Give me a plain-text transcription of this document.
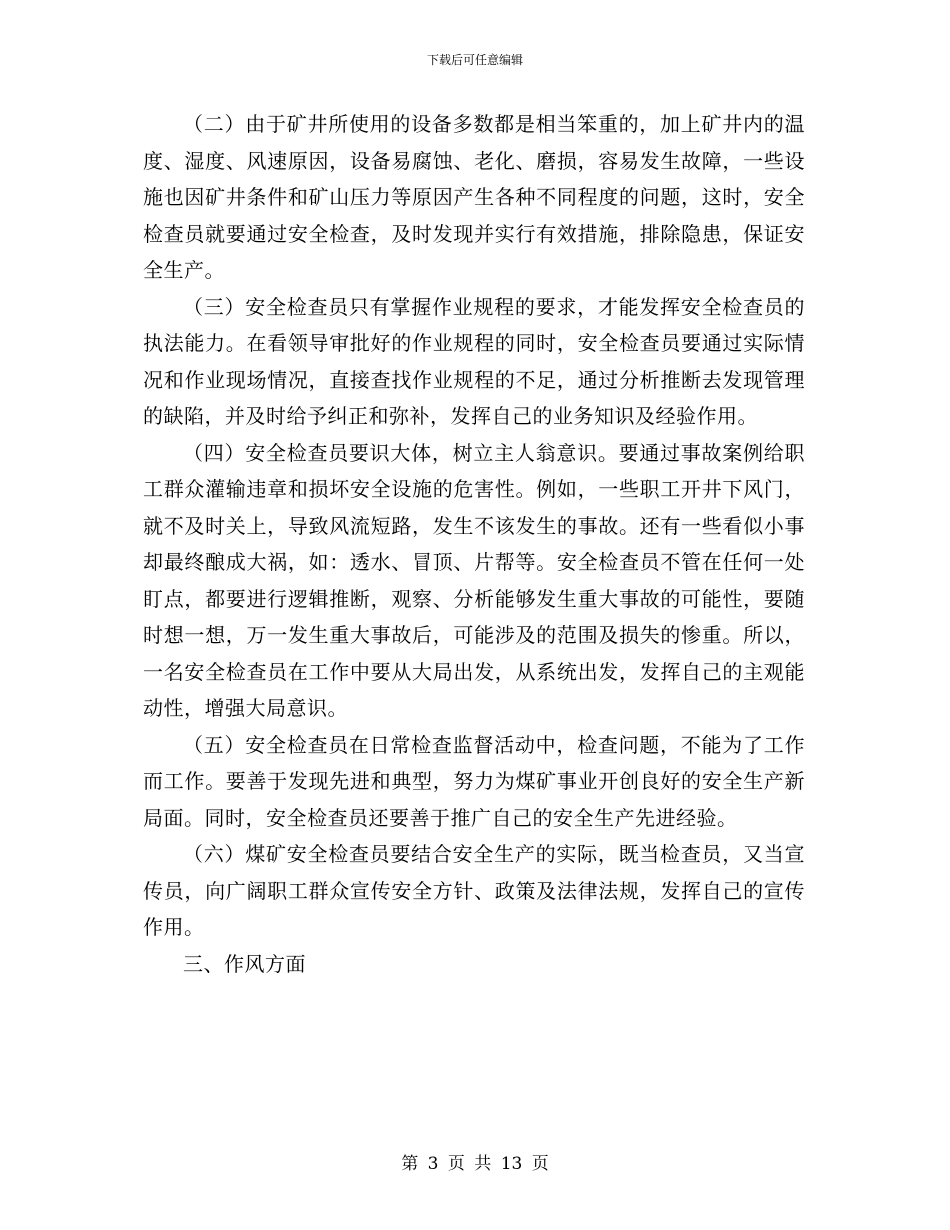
下载后可任意编辑

（二）由于矿井所使用的设备多数都是相当笨重的，加上矿井内的温度、湿度、风速原因，设备易腐蚀、老化、磨损，容易发生故障，一些设施也因矿井条件和矿山压力等原因产生各种不同程度的问题，这时，安全检查员就要通过安全检查，及时发现并实行有效措施，排除隐患，保证安全生产。

（三）安全检查员只有掌握作业规程的要求，才能发挥安全检查员的执法能力。在看领导审批好的作业规程的同时，安全检查员要通过实际情况和作业现场情况，直接查找作业规程的不足，通过分析推断去发现管理的缺陷，并及时给予纠正和弥补，发挥自己的业务知识及经验作用。

（四）安全检查员要识大体，树立主人翁意识。要通过事故案例给职工群众灌输违章和损坏安全设施的危害性。例如，一些职工开井下风门，就不及时关上，导致风流短路，发生不该发生的事故。还有一些看似小事却最终酿成大祸，如：透水、冒顶、片帮等。安全检查员不管在任何一处盯点，都要进行逻辑推断，观察、分析能够发生重大事故的可能性，要随时想一想，万一发生重大事故后，可能涉及的范围及损失的惨重。所以，一名安全检查员在工作中要从大局出发，从系统出发，发挥自己的主观能动性，增强大局意识。

（五）安全检查员在日常检查监督活动中，检查问题，不能为了工作而工作。要善于发现先进和典型，努力为煤矿事业开创良好的安全生产新局面。同时，安全检查员还要善于推广自己的安全生产先进经验。

（六）煤矿安全检查员要结合安全生产的实际，既当检查员，又当宣传员，向广阔职工群众宣传安全方针、政策及法律法规，发挥自己的宣传作用。

三、作风方面

第 3 页 共 13 页
